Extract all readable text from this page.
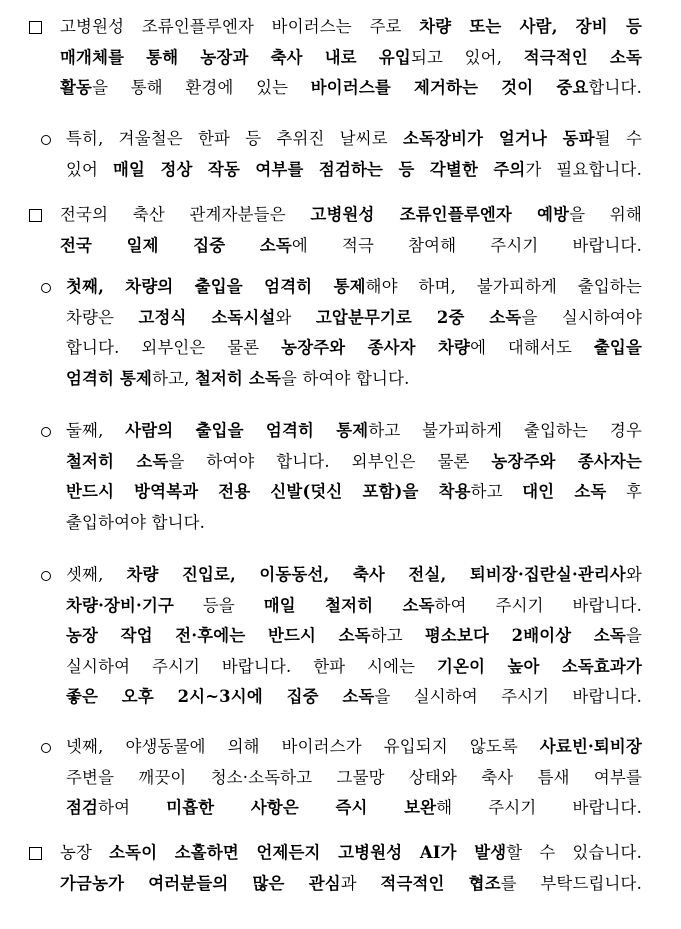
고병원성 조류인플루엔자 바이러스는 주로 차량 또는 사람, 장비 등
매개체를 통해 농장과 축사 내로 유입되고 있어, 적극적인 소독
활동을 통해 환경에 있는 바이러스를 제거하는 것이 중요합니다.
특히, 겨울철은 한파 등 추위진 날씨로 소독장비가 얼거나 동파될 수
있어 매일 정상 작동 여부를 점검하는 등 각별한 주의가 필요합니다.
전국의 축산 관계자분들은 고병원성 조류인플루엔자 예방을 위해
전국 일제 집중 소독에 적극 참여해 주시기 바랍니다.
첫째, 차량의 출입을 엄격히 통제해야 하며, 불가피하게 출입하는
차량은 고정식 소독시설와 고압분무기로 2중 소독을 실시하여야
합니다. 외부인은 물론 농장주와 종사자 차량에 대해서도 출입을
엄격히 통제하고, 철저히 소독을 하여야 합니다.
둘째, 사람의 출입을 엄격히 통제하고 불가피하게 출입하는 경우
철저히 소독을 하여야 합니다. 외부인은 물론 농장주와 종사자는
반드시 방역복과 전용 신발(덧신 포함)을 착용하고 대인 소독 후
출입하여야 합니다.
셋째, 차량 진입로, 이동동선, 축사 전실, 퇴비장·집란실·관리사와
차량·장비·기구 등을 매일 철저히 소독하여 주시기 바랍니다.
농장 작업 전·후에는 반드시 소독하고 평소보다 2배이상 소독을
실시하여 주시기 바랍니다. 한파 시에는 기온이 높아 소독효과가
좋은 오후 2시~3시에 집중 소독을 실시하여 주시기 바랍니다.
넷째, 야생동물에 의해 바이러스가 유입되지 않도록 사료빈·퇴비장
주변을 깨끗이 청소·소독하고 그물망 상태와 축사 틈새 여부를
점검하여 미흡한 사항은 즉시 보완해 주시기 바랍니다.
농장 소독이 소홀하면 언제든지 고병원성 AI가 발생할 수 있습니다.
가금농가 여러분들의 많은 관심과 적극적인 협조를 부탁드립니다.
